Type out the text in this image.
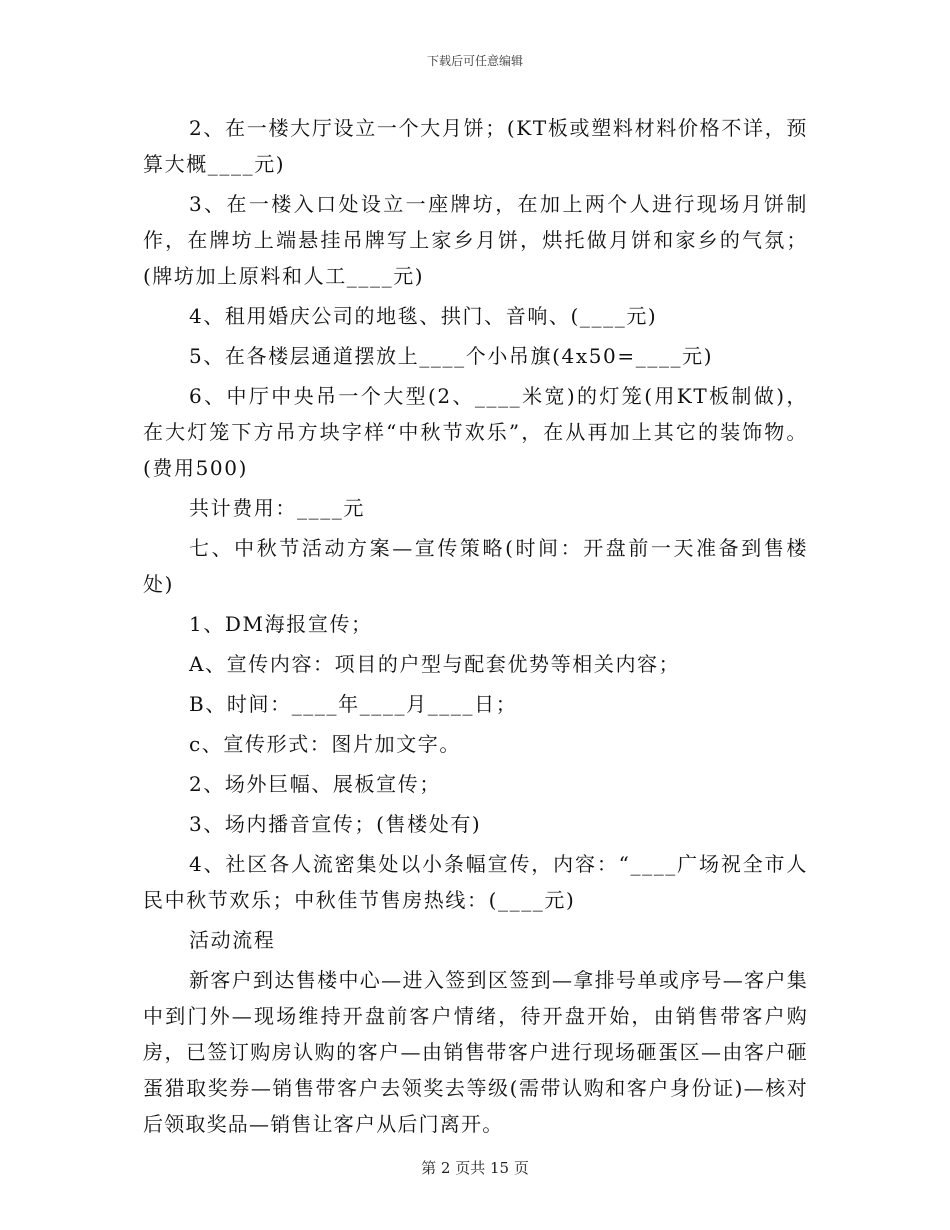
下载后可任意编辑

2、在一楼大厅设立一个大月饼；(KT板或塑料材料价格不详，预算大概____元)

3、在一楼入口处设立一座牌坊，在加上两个人进行现场月饼制作，在牌坊上端悬挂吊牌写上家乡月饼，烘托做月饼和家乡的气氛；(牌坊加上原料和人工____元)

4、租用婚庆公司的地毯、拱门、音响、(____元)

5、在各楼层通道摆放上____个小吊旗(4x50=____元)

6、中厅中央吊一个大型(2、____米宽)的灯笼(用KT板制做)，在大灯笼下方吊方块字样“中秋节欢乐”，在从再加上其它的装饰物。(费用500)

共计费用：____元

七、中秋节活动方案—宣传策略(时间：开盘前一天准备到售楼处)

1、DM海报宣传；

A、宣传内容：项目的户型与配套优势等相关内容；

B、时间：____年____月____日；

c、宣传形式：图片加文字。

2、场外巨幅、展板宣传；

3、场内播音宣传；(售楼处有)

4、社区各人流密集处以小条幅宣传，内容：“____广场祝全市人民中秋节欢乐；中秋佳节售房热线：(____元)

活动流程

新客户到达售楼中心—进入签到区签到—拿排号单或序号—客户集中到门外—现场维持开盘前客户情绪，待开盘开始，由销售带客户购房，已签订购房认购的客户—由销售带客户进行现场砸蛋区—由客户砸蛋猎取奖券—销售带客户去领奖去等级(需带认购和客户身份证)—核对后领取奖品—销售让客户从后门离开。

第 2 页共 15 页
